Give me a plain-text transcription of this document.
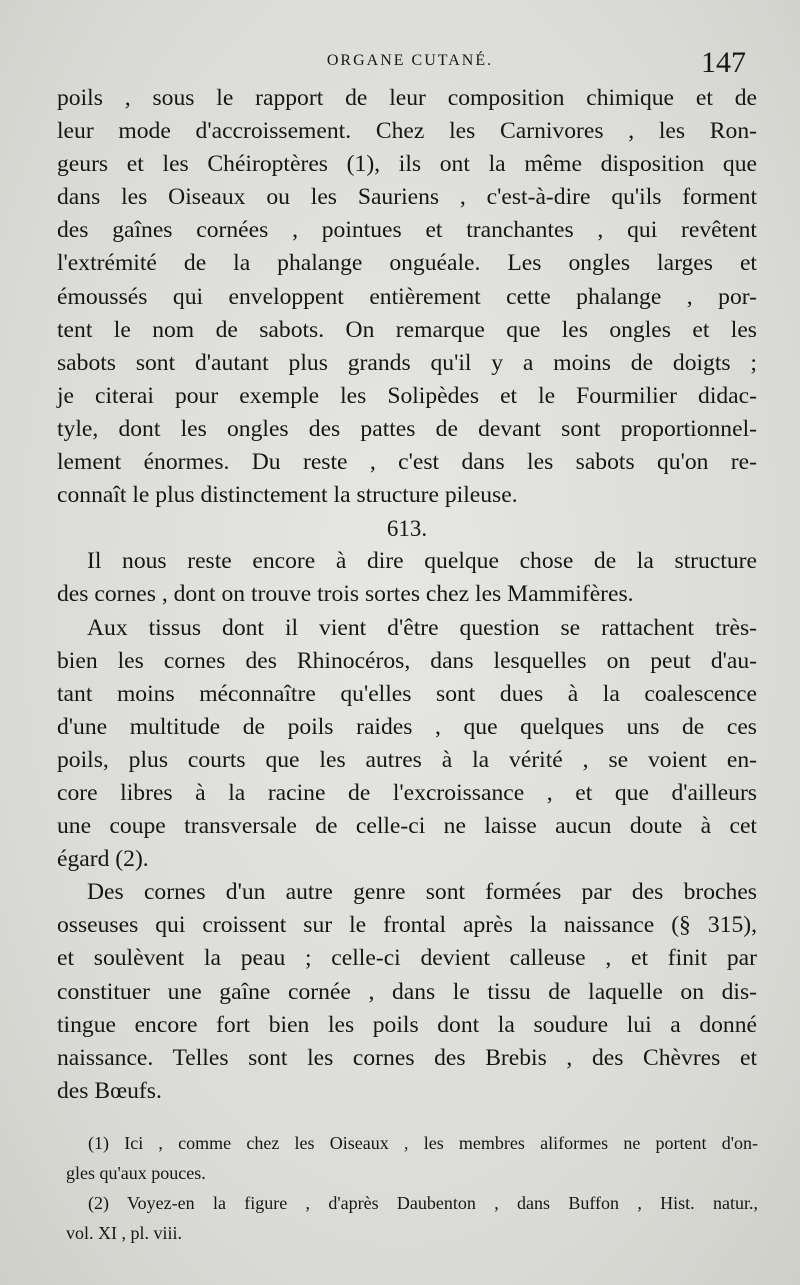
ORGANE CUTANÉ.	147
poils , sous le rapport de leur composition chimique et de
leur mode d'accroissement. Chez les Carnivores , les Ron-
geurs et les Chéiroptères (1), ils ont la même disposition que
dans les Oiseaux ou les Sauriens , c'est-à-dire qu'ils forment
des gaînes cornées , pointues et tranchantes , qui revêtent
l'extrémité de la phalange onguéale. Les ongles larges et
émoussés qui enveloppent entièrement cette phalange , por-
tent le nom de sabots. On remarque que les ongles et les
sabots sont d'autant plus grands qu'il y a moins de doigts ;
je citerai pour exemple les Solipèdes et le Fourmilier didac-
tyle, dont les ongles des pattes de devant sont proportionnel-
lement énormes. Du reste , c'est dans les sabots qu'on re-
connaît le plus distinctement la structure pileuse.
613.
Il nous reste encore à dire quelque chose de la structure
des cornes , dont on trouve trois sortes chez les Mammifères.
Aux tissus dont il vient d'être question se rattachent très-
bien les cornes des Rhinocéros, dans lesquelles on peut d'au-
tant moins méconnaître qu'elles sont dues à la coalescence
d'une multitude de poils raides , que quelques uns de ces
poils, plus courts que les autres à la vérité , se voient en-
core libres à la racine de l'excroissance , et que d'ailleurs
une coupe transversale de celle-ci ne laisse aucun doute à cet
égard (2).
Des cornes d'un autre genre sont formées par des broches
osseuses qui croissent sur le frontal après la naissance (§ 315),
et soulèvent la peau ; celle-ci devient calleuse , et finit par
constituer une gaîne cornée , dans le tissu de laquelle on dis-
tingue encore fort bien les poils dont la soudure lui a donné
naissance. Telles sont les cornes des Brebis , des Chèvres et
des Bœufs.
(1) Ici , comme chez les Oiseaux , les membres aliformes ne portent d'on-
gles qu'aux pouces.
(2) Voyez-en la figure , d'après Daubenton , dans Buffon , Hist. natur.,
vol. XI , pl. viii.
